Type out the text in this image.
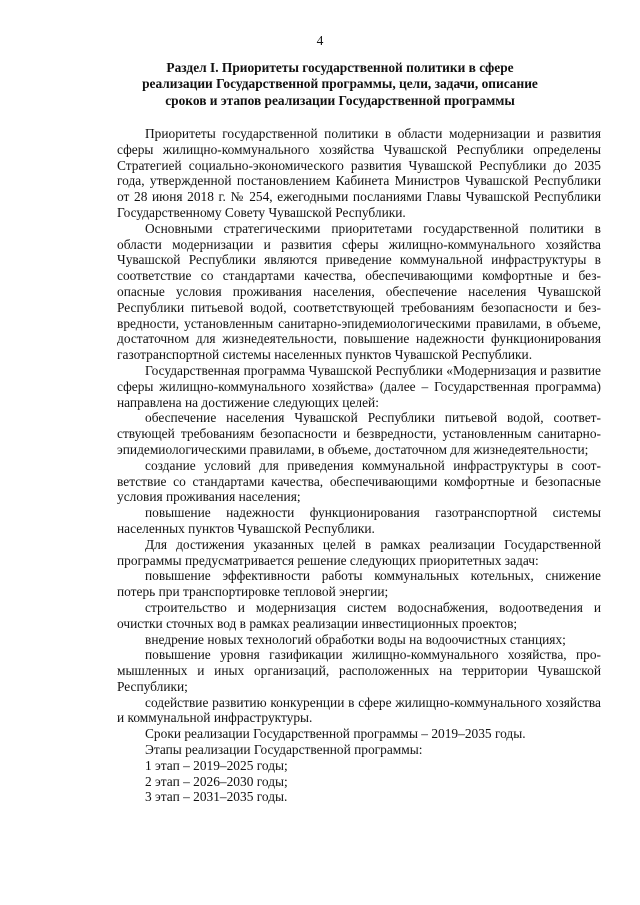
4
Раздел I. Приоритеты государственной политики в сфере
реализации Государственной программы, цели, задачи, описание
сроков и этапов реализации Государственной программы

Приоритеты государственной политики в области модернизации и развития сферы жилищно-коммунального хозяйства Чувашской Республики определены Стратегией социально-экономического развития Чувашской Республики до 2035 года, утвержденной постановлением Кабинета Министров Чувашской Республики от 28 июня 2018 г. № 254, ежегодными посланиями Главы Чувашской Республики Государственному Совету Чувашской Республики.

Основными стратегическими приоритетами государственной политики в области модернизации и развития сферы жилищно-коммунального хозяйства Чувашской Республики являются приведение коммунальной инфраструктуры в соответствие со стандартами качества, обеспечивающими комфортные и безопасные условия проживания населения, обеспечение населения Чувашской Республики питьевой водой, соответствующей требованиям безопасности и безвредности, установленным санитарно-эпидемиологическими правилами, в объеме, достаточном для жизнедеятельности, повышение надежности функционирования газотранспортной системы населенных пунктов Чувашской Республики.

Государственная программа Чувашской Республики «Модернизация и развитие сферы жилищно-коммунального хозяйства» (далее – Государственная программа) направлена на достижение следующих целей:

обеспечение населения Чувашской Республики питьевой водой, соответствующей требованиям безопасности и безвредности, установленным санитарно-эпидемиологическими правилами, в объеме, достаточном для жизнедеятельности;

создание условий для приведения коммунальной инфраструктуры в соответствие со стандартами качества, обеспечивающими комфортные и безопасные условия проживания населения;

повышение надежности функционирования газотранспортной системы населенных пунктов Чувашской Республики.

Для достижения указанных целей в рамках реализации Государственной программы предусматривается решение следующих приоритетных задач:

повышение эффективности работы коммунальных котельных, снижение потерь при транспортировке тепловой энергии;

строительство и модернизация систем водоснабжения, водоотведения и очистки сточных вод в рамках реализации инвестиционных проектов;

внедрение новых технологий обработки воды на водоочистных станциях;

повышение уровня газификации жилищно-коммунального хозяйства, промышленных и иных организаций, расположенных на территории Чувашской Республики;

содействие развитию конкуренции в сфере жилищно-коммунального хозяйства и коммунальной инфраструктуры.

Сроки реализации Государственной программы – 2019–2035 годы.

Этапы реализации Государственной программы:

1 этап – 2019–2025 годы;

2 этап – 2026–2030 годы;

3 этап – 2031–2035 годы.
